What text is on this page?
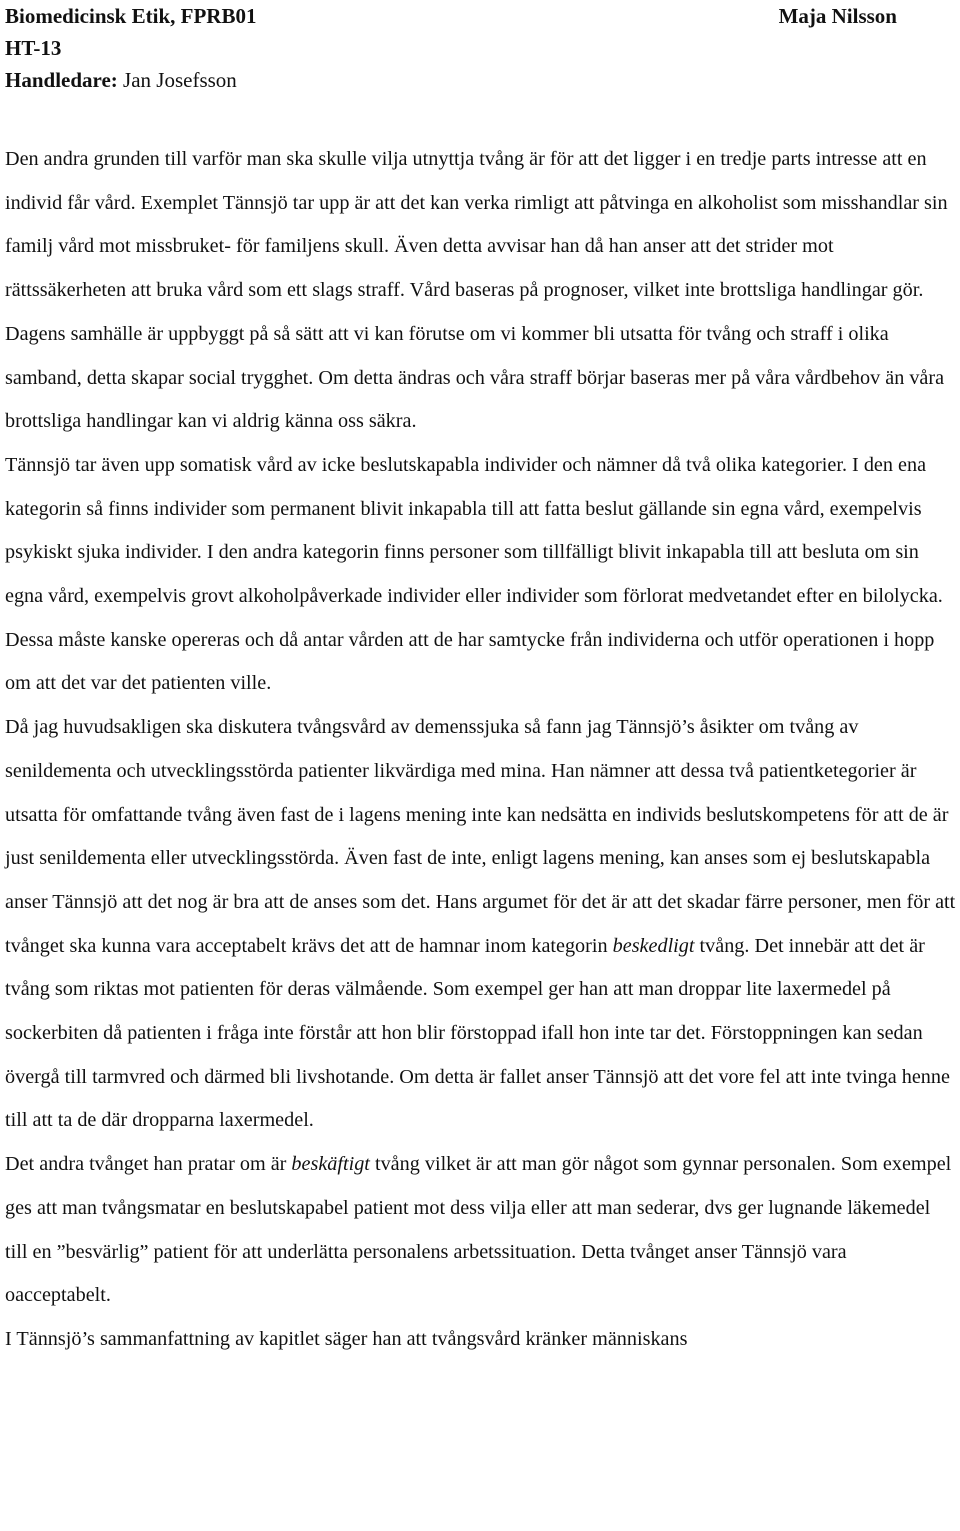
Biomedicinsk Etik, FPRB01	Maja Nilsson
HT-13
Handledare: Jan Josefsson

Den andra grunden till varför man ska skulle vilja utnyttja tvång är för att det ligger i en tredje parts intresse att en individ får vård. Exemplet Tännsjö tar upp är att det kan verka rimligt att påtvinga en alkoholist som misshandlar sin familj vård mot missbruket- för familjens skull. Även detta avvisar han då han anser att det strider mot rättssäkerheten att bruka vård som ett slags straff. Vård baseras på prognoser, vilket inte brottsliga handlingar gör. Dagens samhälle är uppbyggt på så sätt att vi kan förutse om vi kommer bli utsatta för tvång och straff i olika samband, detta skapar social trygghet. Om detta ändras och våra straff börjar baseras mer på våra vårdbehov än våra brottsliga handlingar kan vi aldrig känna oss säkra.

Tännsjö tar även upp somatisk vård av icke beslutskapabla individer och nämner då två olika kategorier. I den ena kategorin så finns individer som permanent blivit inkapabla till att fatta beslut gällande sin egna vård, exempelvis psykiskt sjuka individer. I den andra kategorin finns personer som tillfälligt blivit inkapabla till att besluta om sin egna vård, exempelvis grovt alkoholpåverkade individer eller individer som förlorat medvetandet efter en bilolycka. Dessa måste kanske opereras och då antar vården att de har samtycke från individerna och utför operationen i hopp om att det var det patienten ville.

Då jag huvudsakligen ska diskutera tvångsvård av demenssjuka så fann jag Tännsjö’s åsikter om tvång av senildementa och utvecklingsstörda patienter likvärdiga med mina. Han nämner att dessa två patientketegorier är utsatta för omfattande tvång även fast de i lagens mening inte kan nedsätta en individs beslutskompetens för att de är just senildementa eller utvecklingsstörda. Även fast de inte, enligt lagens mening, kan anses som ej beslutskapabla anser Tännsjö att det nog är bra att de anses som det. Hans argumet för det är att det skadar färre personer, men för att tvånget ska kunna vara acceptabelt krävs det att de hamnar inom kategorin beskedligt tvång. Det innebär att det är tvång som riktas mot patienten för deras välmående. Som exempel ger han att man droppar lite laxermedel på sockerbiten då patienten i fråga inte förstår att hon blir förstoppad ifall hon inte tar det. Förstoppningen kan sedan övergå till tarmvred och därmed bli livshotande. Om detta är fallet anser Tännsjö att det vore fel att inte tvinga henne till att ta de där dropparna laxermedel.

Det andra tvånget han pratar om är beskäftigt tvång vilket är att man gör något som gynnar personalen. Som exempel ges att man tvångsmatar en beslutskapabel patient mot dess vilja eller att man sederar, dvs ger lugnande läkemedel till en ”besvärlig” patient för att underlätta personalens arbetssituation. Detta tvånget anser Tännsjö vara oacceptabelt.

I Tännsjö’s sammanfattning av kapitlet säger han att tvångsvård kränker människans
